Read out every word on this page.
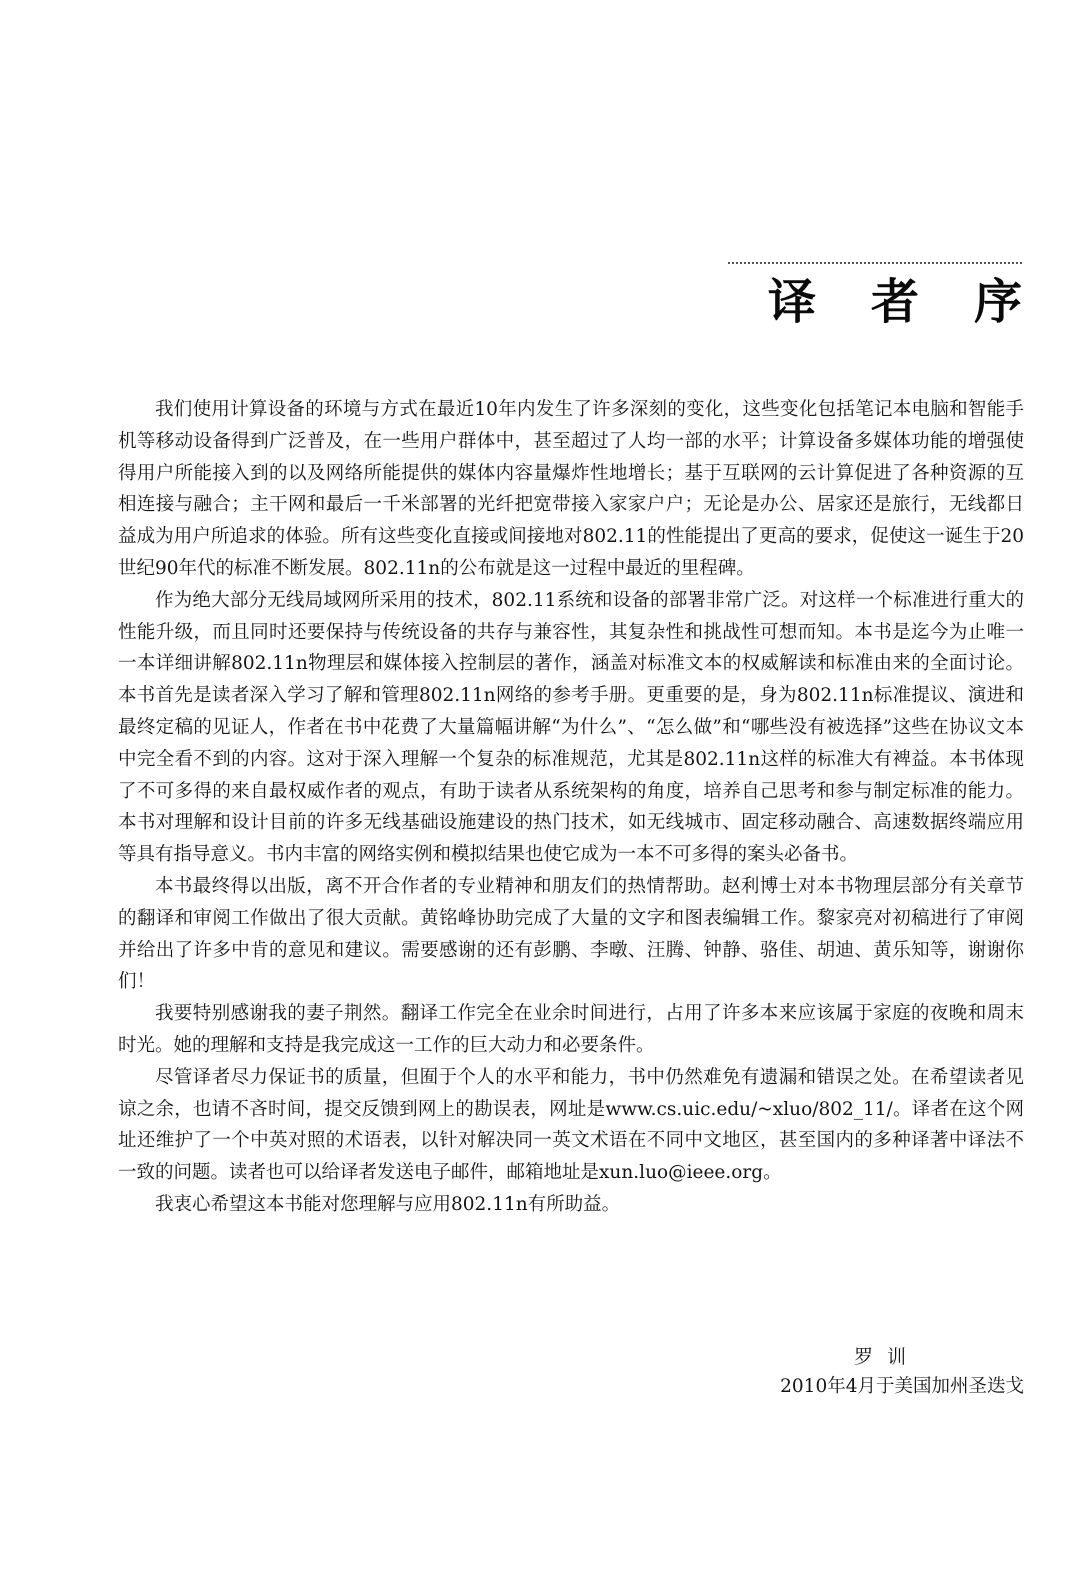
译 者 序

我们使用计算设备的环境与方式在最近10年内发生了许多深刻的变化，这些变化包括笔记本电脑和智能手机等移动设备得到广泛普及，在一些用户群体中，甚至超过了人均一部的水平；计算设备多媒体功能的增强使得用户所能接入到的以及网络所能提供的媒体内容量爆炸性地增长；基于互联网的云计算促进了各种资源的互相连接与融合；主干网和最后一千米部署的光纤把宽带接入家家户户；无论是办公、居家还是旅行，无线都日益成为用户所追求的体验。所有这些变化直接或间接地对802.11的性能提出了更高的要求，促使这一诞生于20世纪90年代的标准不断发展。802.11n的公布就是这一过程中最近的里程碑。

作为绝大部分无线局域网所采用的技术，802.11系统和设备的部署非常广泛。对这样一个标准进行重大的性能升级，而且同时还要保持与传统设备的共存与兼容性，其复杂性和挑战性可想而知。本书是迄今为止唯一一本详细讲解802.11n物理层和媒体接入控制层的著作，涵盖对标准文本的权威解读和标准由来的全面讨论。本书首先是读者深入学习了解和管理802.11n网络的参考手册。更重要的是，身为802.11n标准提议、演进和最终定稿的见证人，作者在书中花费了大量篇幅讲解“为什么”、“怎么做”和“哪些没有被选择”这些在协议文本中完全看不到的内容。这对于深入理解一个复杂的标准规范，尤其是802.11n这样的标准大有裨益。本书体现了不可多得的来自最权威作者的观点，有助于读者从系统架构的角度，培养自己思考和参与制定标准的能力。本书对理解和设计目前的许多无线基础设施建设的热门技术，如无线城市、固定移动融合、高速数据终端应用等具有指导意义。书内丰富的网络实例和模拟结果也使它成为一本不可多得的案头必备书。

本书最终得以出版，离不开合作者的专业精神和朋友们的热情帮助。赵利博士对本书物理层部分有关章节的翻译和审阅工作做出了很大贡献。黄铭峰协助完成了大量的文字和图表编辑工作。黎家亮对初稿进行了审阅并给出了许多中肯的意见和建议。需要感谢的还有彭鹏、李暾、汪腾、钟静、骆佳、胡迪、黄乐知等，谢谢你们！

我要特别感谢我的妻子荆然。翻译工作完全在业余时间进行，占用了许多本来应该属于家庭的夜晚和周末时光。她的理解和支持是我完成这一工作的巨大动力和必要条件。

尽管译者尽力保证书的质量，但囿于个人的水平和能力，书中仍然难免有遗漏和错误之处。在希望读者见谅之余，也请不吝时间，提交反馈到网上的勘误表，网址是www.cs.uic.edu/~xluo/802_11/。译者在这个网址还维护了一个中英对照的术语表，以针对解决同一英文术语在不同中文地区，甚至国内的多种译著中译法不一致的问题。读者也可以给译者发送电子邮件，邮箱地址是xun.luo@ieee.org。

我衷心希望这本书能对您理解与应用802.11n有所助益。

罗训

2010年4月于美国加州圣迭戈
